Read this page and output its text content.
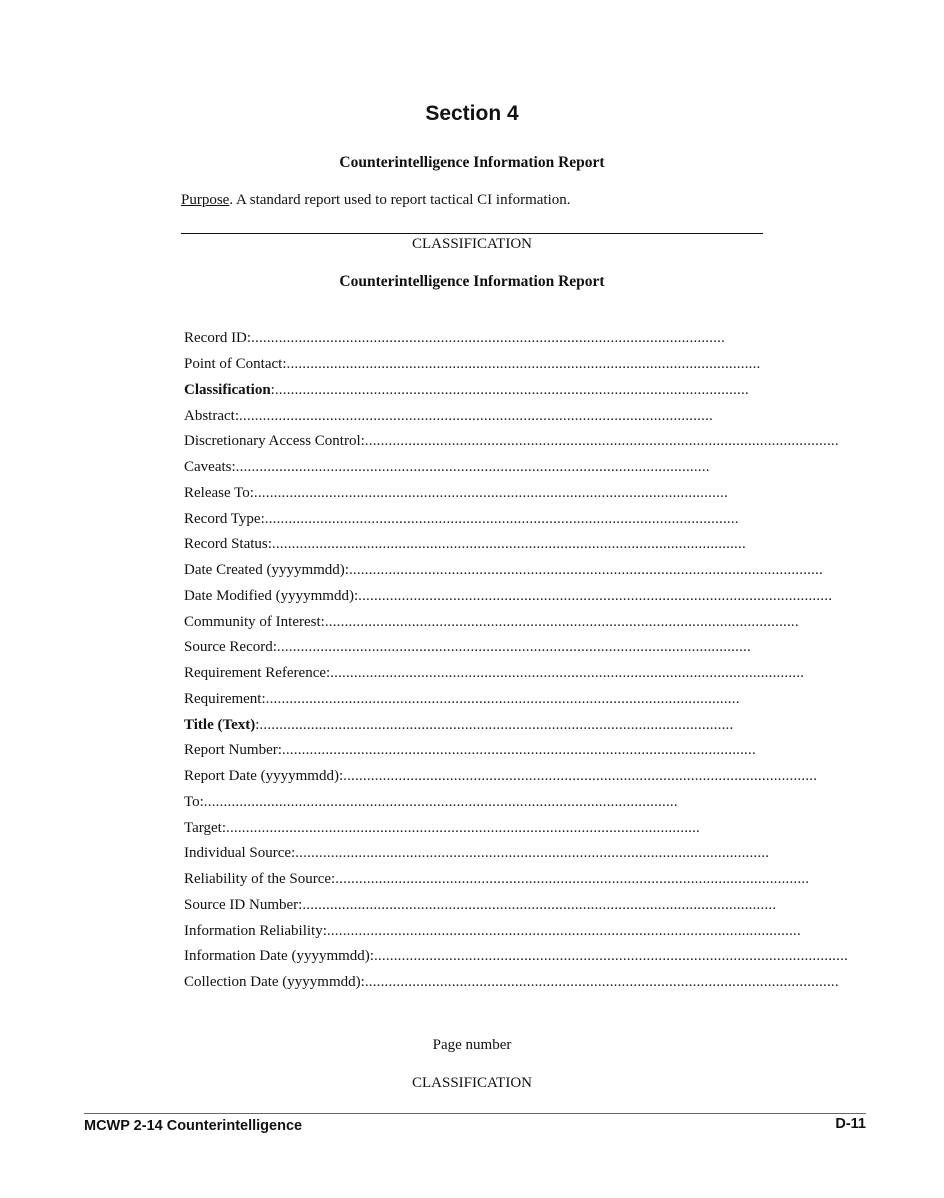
Section 4
Counterintelligence Information Report
Purpose. A standard report used to report tactical CI information.
CLASSIFICATION
Counterintelligence Information Report
Record ID: ........................................................................................................................
Point of Contact: ........................................................................................................................
Classification : ........................................................................................................................
Abstract: ........................................................................................................................
Discretionary Access Control: ........................................................................................................................
Caveats: ........................................................................................................................
Release To: ........................................................................................................................
Record Type: ........................................................................................................................
Record Status: ........................................................................................................................
Date Created (yyyymmdd): ........................................................................................................................
Date Modified (yyyymmdd): ........................................................................................................................
Community of Interest: ........................................................................................................................
Source Record: ........................................................................................................................
Requirement Reference: ........................................................................................................................
Requirement: ........................................................................................................................
Title (Text) : ........................................................................................................................
Report Number: ........................................................................................................................
Report Date (yyyymmdd): ........................................................................................................................
To: ........................................................................................................................
Target: ........................................................................................................................
Individual Source: ........................................................................................................................
Reliability of the Source: ........................................................................................................................
Source ID Number: ........................................................................................................................
Information Reliability: ........................................................................................................................
Information Date (yyyymmdd): ........................................................................................................................
Collection Date (yyyymmdd): ........................................................................................................................
Page number
CLASSIFICATION
MCWP 2-14 Counterintelligence	D-11
